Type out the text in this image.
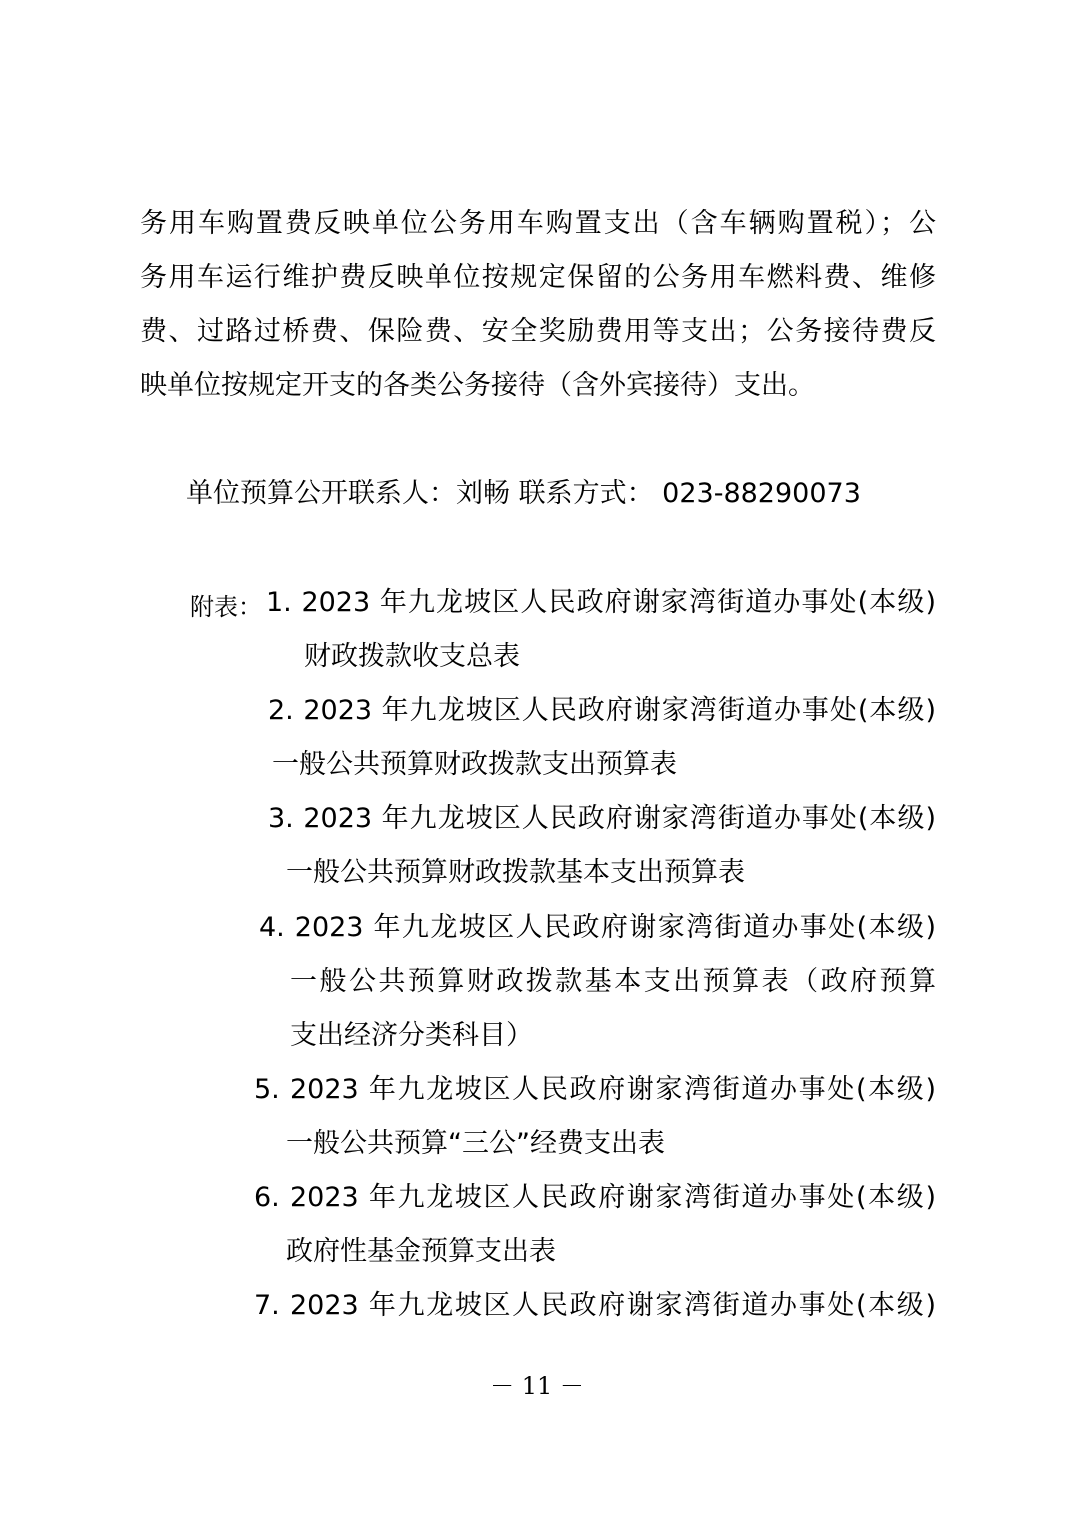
务用车购置费反映单位公务用车购置支出（含车辆购置税）；公
务用车运行维护费反映单位按规定保留的公务用车燃料费、维修
费、过路过桥费、保险费、安全奖励费用等支出；公务接待费反
映单位按规定开支的各类公务接待（含外宾接待）支出。
单位预算公开联系人：刘畅 联系方式： 023-88290073
附表： 1. 2023 年九龙坡区人民政府谢家湾街道办事处(本级)
财政拨款收支总表
2. 2023 年九龙坡区人民政府谢家湾街道办事处(本级)
一般公共预算财政拨款支出预算表
3. 2023 年九龙坡区人民政府谢家湾街道办事处(本级)
一般公共预算财政拨款基本支出预算表
4. 2023 年九龙坡区人民政府谢家湾街道办事处(本级)
一般公共预算财政拨款基本支出预算表（政府预算
支出经济分类科目）
5. 2023 年九龙坡区人民政府谢家湾街道办事处(本级)
一般公共预算“三公”经费支出表
6. 2023 年九龙坡区人民政府谢家湾街道办事处(本级)
政府性基金预算支出表
7. 2023 年九龙坡区人民政府谢家湾街道办事处(本级)
－ 11 －
